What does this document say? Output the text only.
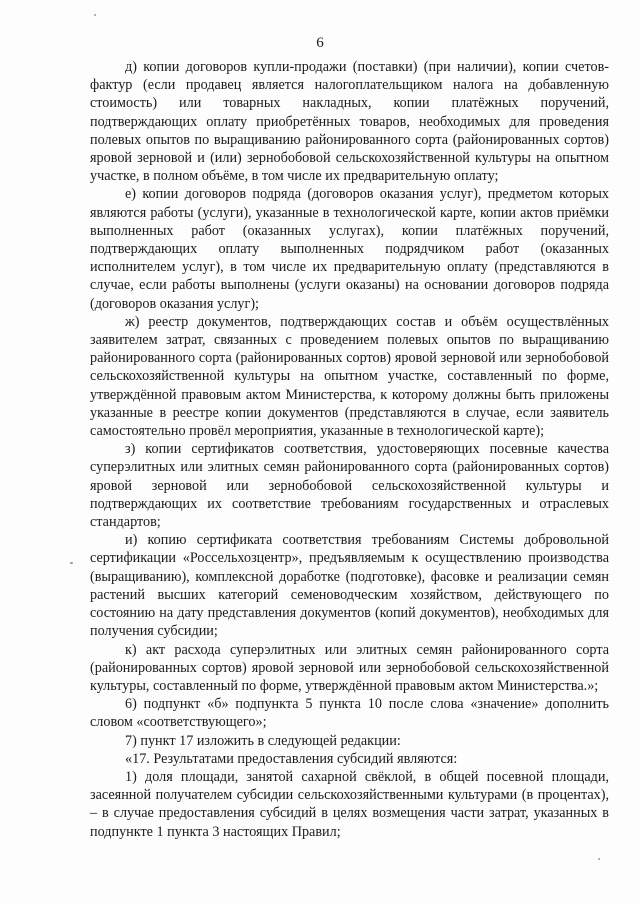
6

д) копии договоров купли-продажи (поставки) (при наличии), копии счетов-фактур (если продавец является налогоплательщиком налога на добавленную стоимость) или товарных накладных, копии платёжных поручений, подтверждающих оплату приобретённых товаров, необходимых для проведения полевых опытов по выращиванию районированного сорта (районированных сортов) яровой зерновой и (или) зернобобовой сельскохозяйственной культуры на опытном участке, в полном объёме, в том числе их предварительную оплату;

е) копии договоров подряда (договоров оказания услуг), предметом которых являются работы (услуги), указанные в технологической карте, копии актов приёмки выполненных работ (оказанных услугах), копии платёжных поручений, подтверждающих оплату выполненных подрядчиком работ (оказанных исполнителем услуг), в том числе их предварительную оплату (представляются в случае, если работы выполнены (услуги оказаны) на основании договоров подряда (договоров оказания услуг);

ж) реестр документов, подтверждающих состав и объём осуществлённых заявителем затрат, связанных с проведением полевых опытов по выращиванию районированного сорта (районированных сортов) яровой зерновой или зернобобовой сельскохозяйственной культуры на опытном участке, составленный по форме, утверждённой правовым актом Министерства, к которому должны быть приложены указанные в реестре копии документов (представляются в случае, если заявитель самостоятельно провёл мероприятия, указанные в технологической карте);

з) копии сертификатов соответствия, удостоверяющих посевные качества суперэлитных или элитных семян районированного сорта (районированных сортов) яровой зерновой или зернобобовой сельскохозяйственной культуры и подтверждающих их соответствие требованиям государственных и отраслевых стандартов;

и) копию сертификата соответствия требованиям Системы добровольной сертификации «Россельхозцентр», предъявляемым к осуществлению производства (выращиванию), комплексной доработке (подготовке), фасовке и реализации семян растений высших категорий семеноводческим хозяйством, действующего по состоянию на дату представления документов (копий документов), необходимых для получения субсидии;

к) акт расхода суперэлитных или элитных семян районированного сорта (районированных сортов) яровой зерновой или зернобобовой сельскохозяйственной культуры, составленный по форме, утверждённой правовым актом Министерства.»;

6) подпункт «б» подпункта 5 пункта 10 после слова «значение» дополнить словом «соответствующего»;

7) пункт 17 изложить в следующей редакции:

«17. Результатами предоставления субсидий являются:

1) доля площади, занятой сахарной свёклой, в общей посевной площади, засеянной получателем субсидии сельскохозяйственными культурами (в процентах), – в случае предоставления субсидий в целях возмещения части затрат, указанных в подпункте 1 пункта 3 настоящих Правил;
